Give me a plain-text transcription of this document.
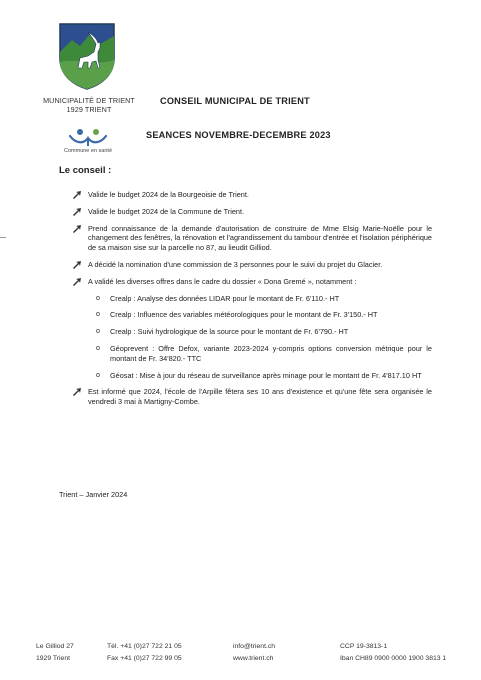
MUNICIPALITÉ DE TRIENT
1929 TRIENT
Commune en santé
CONSEIL MUNICIPAL DE TRIENT
SEANCES NOVEMBRE-DECEMBRE 2023
Le conseil :
Valide le budget 2024 de la Bourgeoisie de Trient.
Valide le budget 2024 de la Commune de Trient.
Prend connaissance de la demande d'autorisation de construire de Mme Elsig Marie-Noëlle pour le changement des fenêtres, la rénovation et l'agrandissement du tambour d'entrée et l'isolation périphérique de sa maison sise sur la parcelle no 87, au lieudit Gilliod.
A décidé la nomination d'une commission de 3 personnes pour le suivi du projet du Glacier.
A validé les diverses offres dans le cadre du dossier « Dona Gremé », notamment :
o Crealp : Analyse des données LIDAR pour le montant de Fr. 6'110.- HT
o Crealp : Influence des variables météorologiques pour le montant de Fr. 3'150.- HT
o Crealp : Suivi hydrologique de la source pour le montant de Fr. 6'790.- HT
o Géoprevent : Offre Defox, variante 2023-2024 y-compris options conversion métrique pour le montant de Fr. 34'820.- TTC
o Géosat : Mise à jour du réseau de surveillance après minage pour le montant de Fr. 4'817.10 HT
Est informé que 2024, l'école de l'Arpille fêtera ses 10 ans d'existence et qu'une fête sera organisée le vendredi 3 mai à Martigny-Combe.
Trient – Janvier 2024
Le Gilliod 27
1929 Trient
Tél. +41 (0)27 722 21 05
Fax +41 (0)27 722 99 05
info@trient.ch
www.trient.ch
CCP 19-3813-1
Iban CH89 0900 0000 1900 3813 1
